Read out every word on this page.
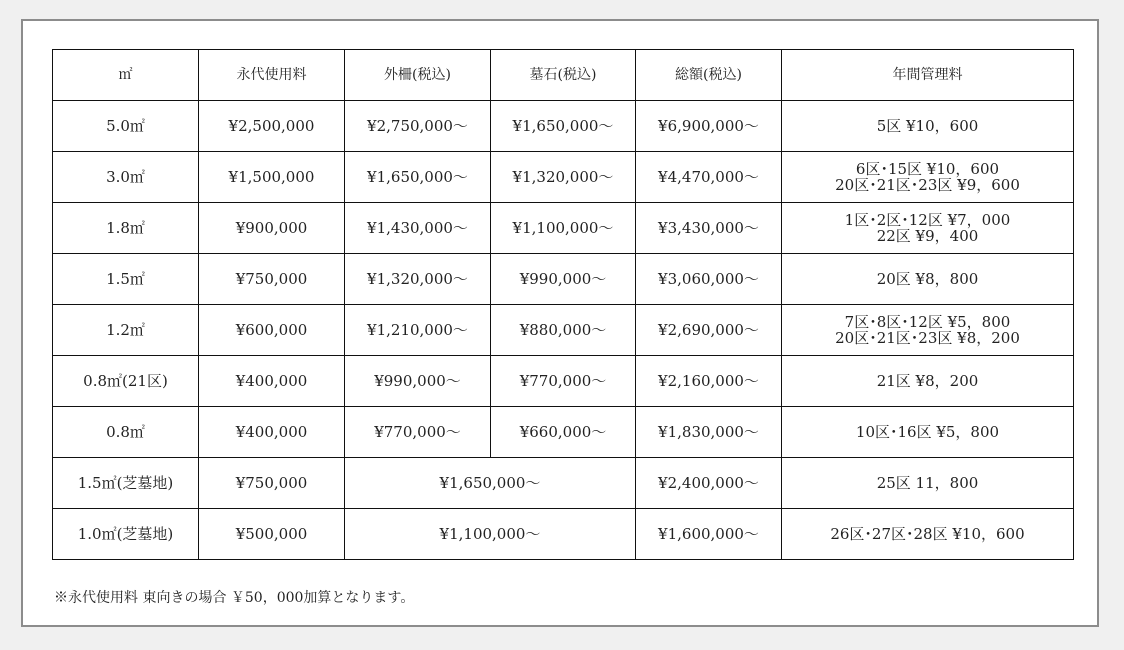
㎡	永代使用料	外柵(税込)	墓石(税込)	総額(税込)	年間管理料
5.0㎡	¥2,500,000	¥2,750,000～	¥1,650,000～	¥6,900,000～	5区 ¥10，600

3.0㎡	¥1,500,000	¥1,650,000～	¥1,320,000～	¥4,470,000～	6区･15区 ¥10，600
20区･21区･23区 ¥9，600

1.8㎡	¥900,000	¥1,430,000～	¥1,100,000～	¥3,430,000～	1区･2区･12区 ¥7，000
22区 ¥9，400

1.5㎡	¥750,000	¥1,320,000～	¥990,000～	¥3,060,000～	20区 ¥8，800

1.2㎡	¥600,000	¥1,210,000～	¥880,000～	¥2,690,000～	7区･8区･12区 ¥5，800
20区･21区･23区 ¥8，200

0.8㎡(21区)	¥400,000	¥990,000～	¥770,000～	¥2,160,000～	21区 ¥8，200

0.8㎡	¥400,000	¥770,000～	¥660,000～	¥1,830,000～	10区･16区 ¥5，800

1.5㎡(芝墓地)	¥750,000	¥1,650,000～		¥2,400,000～	25区 11，800

1.0㎡(芝墓地)	¥500,000	¥1,100,000～		¥1,600,000～	26区･27区･28区 ¥10，600
※永代使用料 東向きの場合 ￥50，000加算となります。
